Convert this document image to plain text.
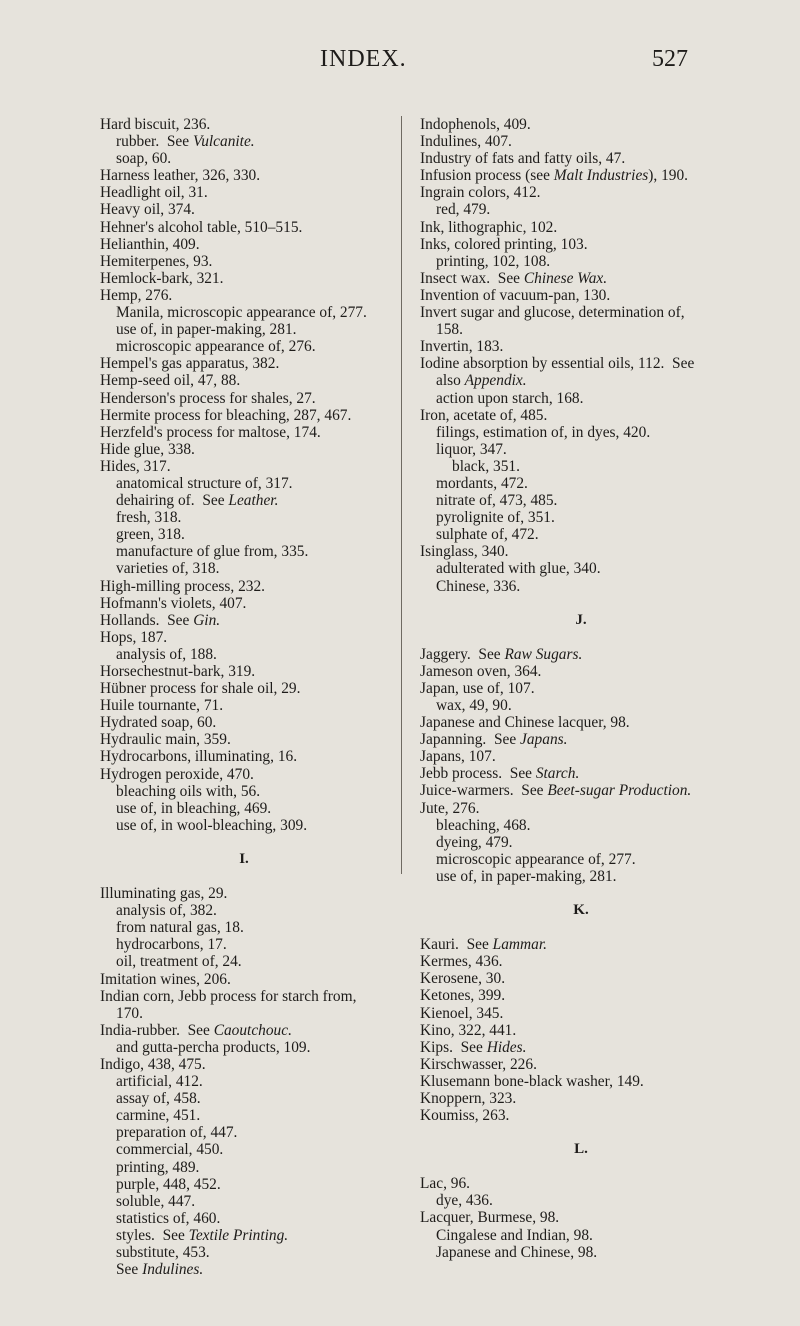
INDEX.	527
Hard biscuit, 236.
rubber.  See Vulcanite.
soap, 60.
Harness leather, 326, 330.
Headlight oil, 31.
Heavy oil, 374.
Hehner's alcohol table, 510–515.
Helianthin, 409.
Hemiterpenes, 93.
Hemlock-bark, 321.
Hemp, 276.
Manila, microscopic appearance of, 277.
use of, in paper-making, 281.
microscopic appearance of, 276.
Hempel's gas apparatus, 382.
Hemp-seed oil, 47, 88.
Henderson's process for shales, 27.
Hermite process for bleaching, 287, 467.
Herzfeld's process for maltose, 174.
Hide glue, 338.
Hides, 317.
anatomical structure of, 317.
dehairing of.  See Leather.
fresh, 318.
green, 318.
manufacture of glue from, 335.
varieties of, 318.
High-milling process, 232.
Hofmann's violets, 407.
Hollands.  See Gin.
Hops, 187.
analysis of, 188.
Horsechestnut-bark, 319.
Hübner process for shale oil, 29.
Huile tournante, 71.
Hydrated soap, 60.
Hydraulic main, 359.
Hydrocarbons, illuminating, 16.
Hydrogen peroxide, 470.
bleaching oils with, 56.
use of, in bleaching, 469.
use of, in wool-bleaching, 309.
I.
Illuminating gas, 29.
analysis of, 382.
from natural gas, 18.
hydrocarbons, 17.
oil, treatment of, 24.
Imitation wines, 206.
Indian corn, Jebb process for starch from,
170.
India-rubber.  See Caoutchouc.
and gutta-percha products, 109.
Indigo, 438, 475.
artificial, 412.
assay of, 458.
carmine, 451.
preparation of, 447.
commercial, 450.
printing, 489.
purple, 448, 452.
soluble, 447.
statistics of, 460.
styles.  See Textile Printing.
substitute, 453.
See Indulines.
Indophenols, 409.
Indulines, 407.
Industry of fats and fatty oils, 47.
Infusion process (see Malt Industries), 190.
Ingrain colors, 412.
red, 479.
Ink, lithographic, 102.
Inks, colored printing, 103.
printing, 102, 108.
Insect wax.  See Chinese Wax.
Invention of vacuum-pan, 130.
Invert sugar and glucose, determination of,
158.
Invertin, 183.
Iodine absorption by essential oils, 112.  See
also Appendix.
action upon starch, 168.
Iron, acetate of, 485.
filings, estimation of, in dyes, 420.
liquor, 347.
black, 351.
mordants, 472.
nitrate of, 473, 485.
pyrolignite of, 351.
sulphate of, 472.
Isinglass, 340.
adulterated with glue, 340.
Chinese, 336.
J.
Jaggery.  See Raw Sugars.
Jameson oven, 364.
Japan, use of, 107.
wax, 49, 90.
Japanese and Chinese lacquer, 98.
Japanning.  See Japans.
Japans, 107.
Jebb process.  See Starch.
Juice-warmers.  See Beet-sugar Production.
Jute, 276.
bleaching, 468.
dyeing, 479.
microscopic appearance of, 277.
use of, in paper-making, 281.
K.
Kauri.  See Lammar.
Kermes, 436.
Kerosene, 30.
Ketones, 399.
Kienoel, 345.
Kino, 322, 441.
Kips.  See Hides.
Kirschwasser, 226.
Klusemann bone-black washer, 149.
Knoppern, 323.
Koumiss, 263.
L.
Lac, 96.
dye, 436.
Lacquer, Burmese, 98.
Cingalese and Indian, 98.
Japanese and Chinese, 98.
